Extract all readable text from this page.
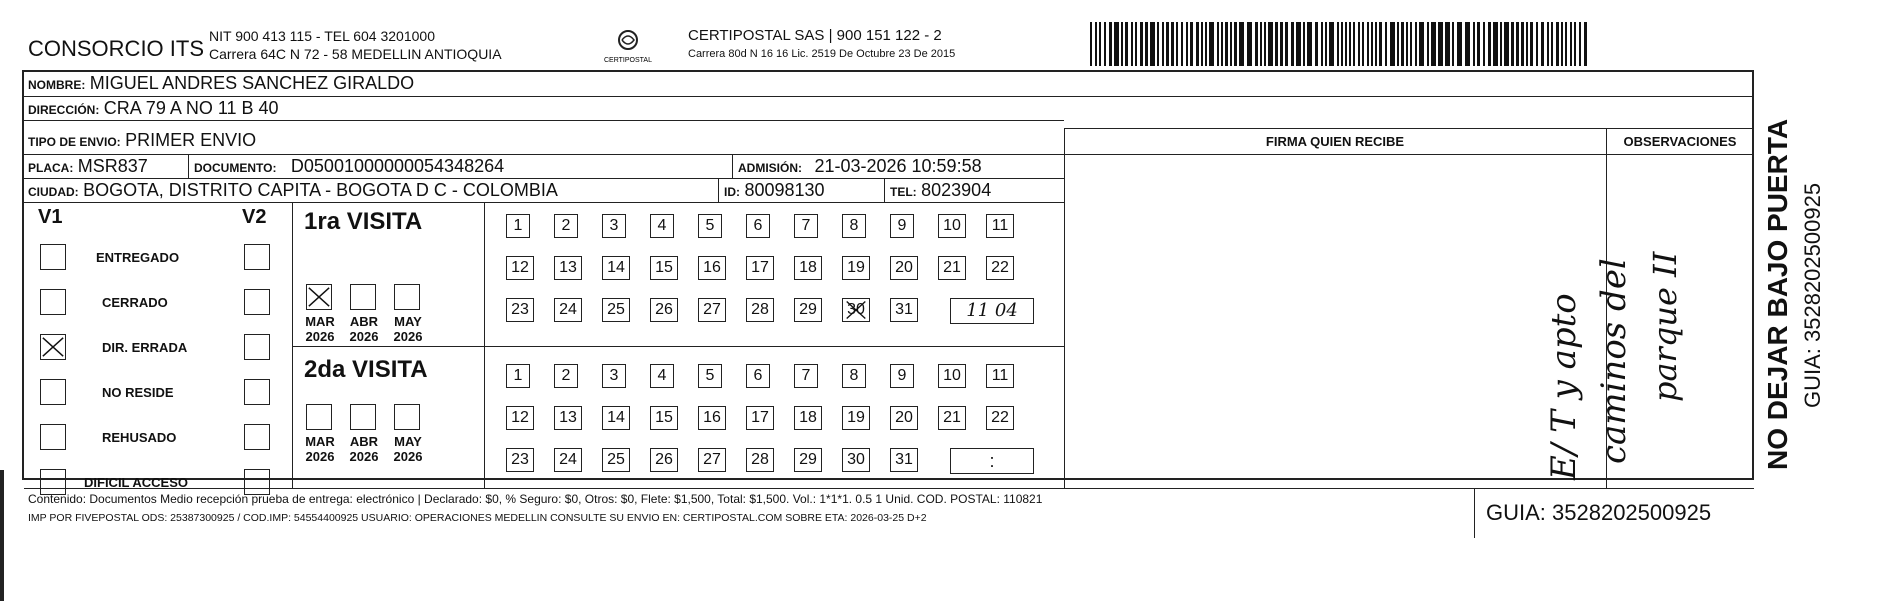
CONSORCIO ITS NIT 900 413 115 - TEL 604 3201000
Carrera 64C N 72 - 58 MEDELLIN ANTIOQUIA	CERTIPOSTAL
CERTIPOSTAL SAS | 900 151 122 - 2
Carrera 80d N 16 16 Lic. 2519 De Octubre 23 De 2015
NOMBRE: MIGUEL ANDRES SANCHEZ GIRALDO
DIRECCIÓN: CRA 79 A NO 11 B 40
TIPO DE ENVIO: PRIMER ENVIO	FIRMA QUIEN RECIBE	OBSERVACIONES
PLACA: MSR837	DOCUMENTO: D05001000000054348264	ADMISIÓN: 21-03-2026 10:59:58
CIUDAD: BOGOTA, DISTRITO CAPITA - BOGOTA D C - COLOMBIA	ID: 80098130	TEL: 8023904
V1	V2
ENTREGADO
CERRADO
DIR. ERRADA
NO RESIDE
REHUSADO
DIFICIL ACCESO
1ra VISITA
MAR
2026
ABR
2026
MAY
2026
1	2	3	4	5	6	7	8	9	10	11
12	13	14	15	16	17	18	19	20	21	22
23	24	25	26	27	28	29	30	31	11 04
2da VISITA
MAR
2026
ABR
2026
MAY
2026
1	2	3	4	5	6	7	8	9	10	11
12	13	14	15	16	17	18	19	20	21	22
23	24	25	26	27	28	29	30	31	:	E/ T y apto caminos del parque II
Contenido: Documentos Medio recepción prueba de entrega: electrónico | Declarado: $0, % Seguro: $0, Otros: $0, Flete: $1,500, Total: $1,500. Vol.: 1*1*1. 0.5 1 Unid. COD. POSTAL: 110821
IMP POR FIVEPOSTAL ODS: 25387300925 / COD.IMP: 54554400925 USUARIO: OPERACIONES MEDELLIN CONSULTE SU ENVIO EN: CERTIPOSTAL.COM SOBRE ETA: 2026-03-25 D+2	GUIA: 3528202500925
NO DEJAR BAJO PUERTA GUIA: 3528202500925
